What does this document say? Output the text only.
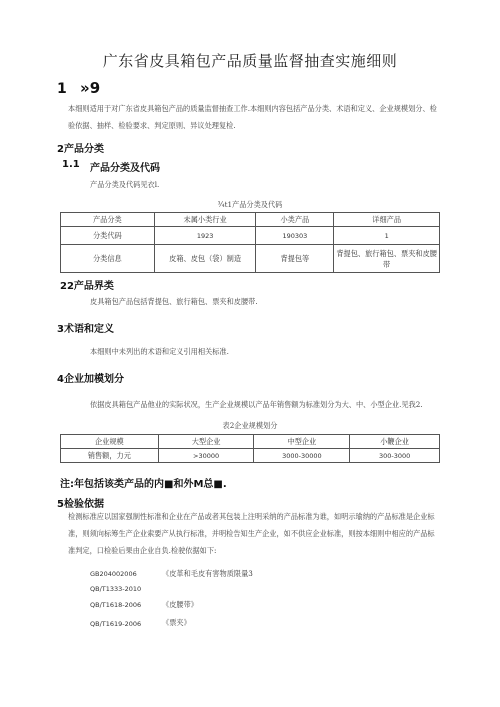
广东省皮具箱包产品质量监督抽查实施细则
1 »9
本细则适用于对广东省皮具箱包产品的质量监督抽查工作.本细则内容包括产品分类、术语和定义、企业规模划分、检验依据、抽样、检验要求、判定原则、异议处理复检.
2产品分类
1.1 产品分类及代码
产品分类及代码见衣l.
¾t1产品分类及代码
产品分类	未属小类行业	小类产品	详细产品
分类代码	1923	190303	1
分类信息	皮箱、皮包（袋）制造	背提包等	背提包、旅行箱包、票夹和皮腰带
22产品界类
皮具箱包产品包括背提包、旅行箱包、票夹和皮腰带.
3术语和定义
本细则中未列出的术语和定义引用相关标准.
4企业加模划分
依据皮具箱包产品他业的实际状况，生产企业规模以产品年销售额为标准划分为大、中、小型企业.见我2.
表2企业规模划分
企业规模	大型企业	中型企业	小鞭企业
销售额，力元	>30000	3000-30000	300-3000
注:年包括该类产品的内■和外M总■.
5检验依据
检测标准应以国家强制性标准和企业在产品或者其包装上注明采纳的产品标准为谁，如明示瑜纳的产品标准是企业标准，则须向标筹生产企业索要产从执行标准，并明检告知生产企业，如不供应企业标准，则按本细则中相应的产品标准判定，口检验后果由企业自负.检驶依据如下:
GB204002006	《皮革和毛皮有害物质限量3
QB/T1333-2010
QB/T1618-2006	《皮腰带》
QB/T1619-2006	《票夹》
